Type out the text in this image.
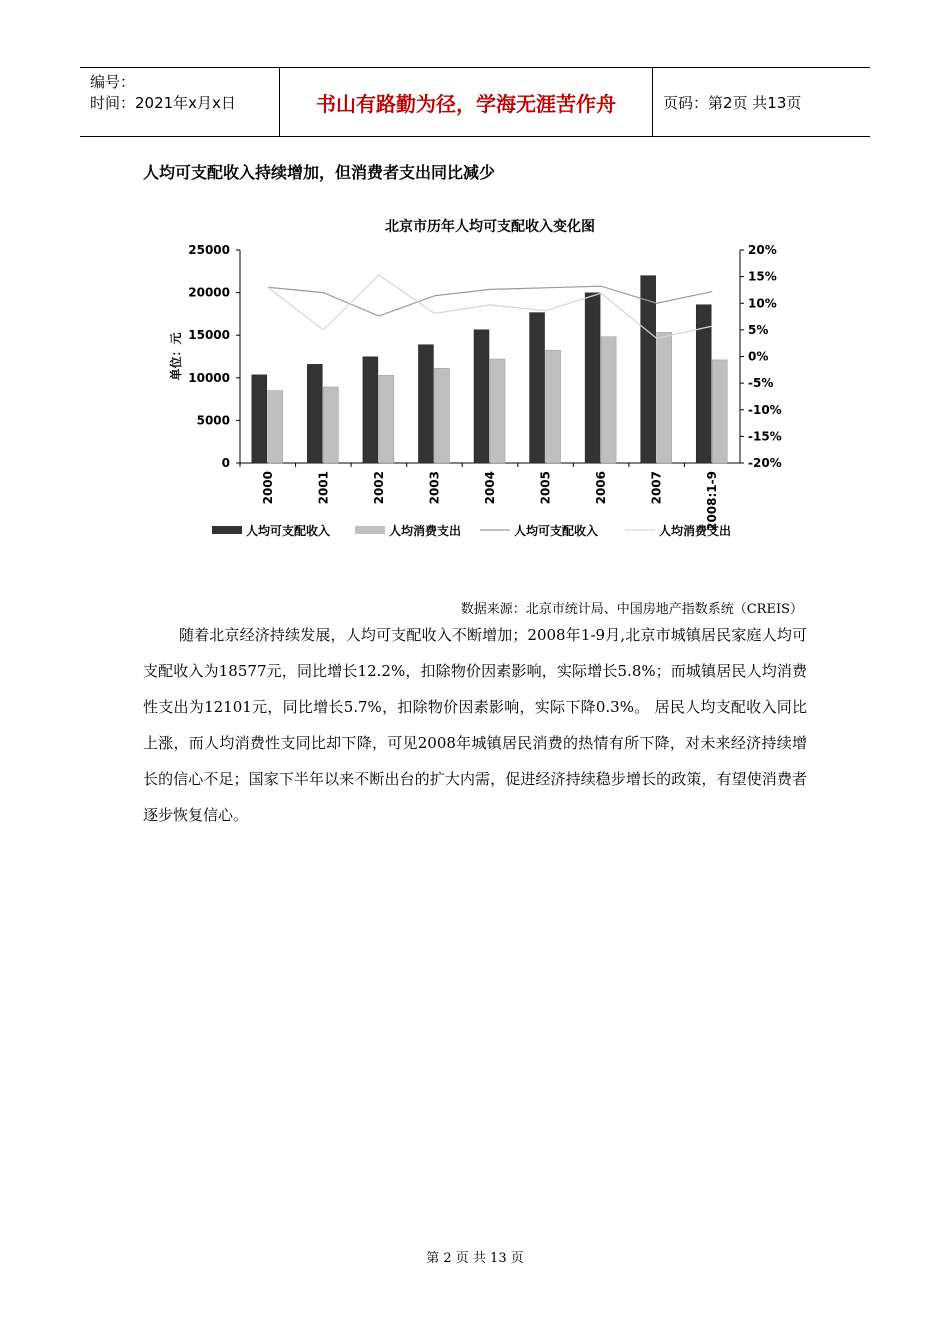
编号：
时间：2021年x月x日	书山有路勤为径，学海无涯苦作舟	页码：第2页 共13页
人均可支配收入持续增加，但消费者支出同比减少
北京市历年人均可支配收入变化图
单位：元
25000
20000
15000
10000
5000
0
20%
15%
10%
5%
0%
-5%
-10%
-15%
-20%
2000	2001	2002	2003	2004	2005	2006	2007	2008:1-9
人均可支配收入	人均消费支出	人均可支配收入	人均消费支出
数据来源：北京市统计局、中国房地产指数系统（CREIS）
随着北京经济持续发展，人均可支配收入不断增加；2008年1-9月,北京市城镇居民家庭人均可支配收入为18577元，同比增长12.2%，扣除物价因素影响，实际增长5.8%；而城镇居民人均消费性支出为12101元，同比增长5.7%，扣除物价因素影响，实际下降0.3%。 居民人均支配收入同比上涨，而人均消费性支同比却下降，可见2008年城镇居民消费的热情有所下降，对未来经济持续增长的信心不足；国家下半年以来不断出台的扩大内需，促进经济持续稳步增长的政策，有望使消费者逐步恢复信心。
第 2 页 共 13 页
